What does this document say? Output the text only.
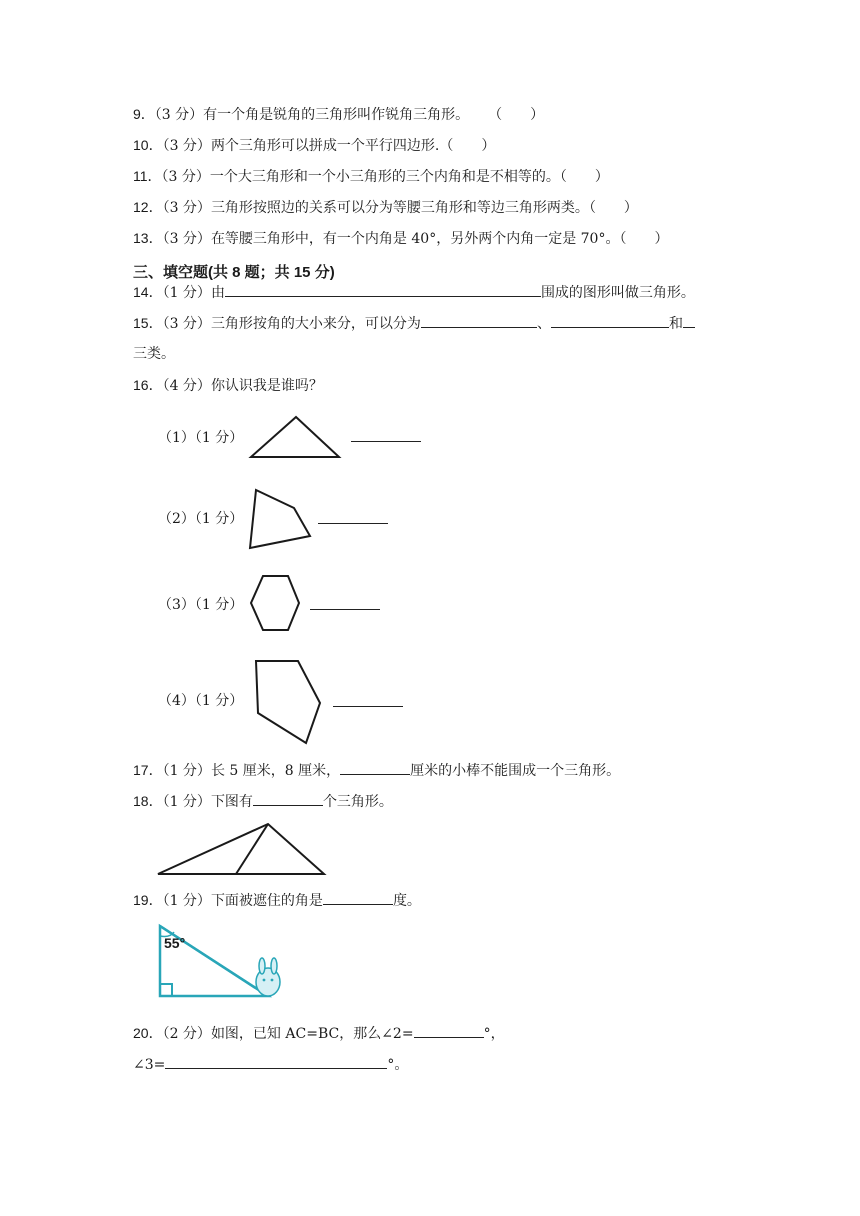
9．（3 分）有一个角是锐角的三角形叫作锐角三角形。 （　　）
10．（3 分）两个三角形可以拼成一个平行四边形.（　　）
11．（3 分）一个大三角形和一个小三角形的三个内角和是不相等的。（　　）
12．（3 分）三角形按照边的关系可以分为等腰三角形和等边三角形两类。（　　）
13．（3 分）在等腰三角形中，有一个内角是 40°，另外两个内角一定是 70°。（　　）
三、填空题(共 8 题；共 15 分)
14．（1 分）由	围成的图形叫做三角形。
15．（3 分）三角形按角的大小来分，可以分为	、	和
三类。
16．（4 分）你认识我是谁吗？
（1）（1 分）
（2）（1 分）
（3）（1 分）
（4）（1 分）
17．（1 分）长 5 厘米，8 厘米，	厘米的小棒不能围成一个三角形。
18．（1 分）下图有	个三角形。
19．（1 分）下面被遮住的角是	度。
55°
20．（2 分）如图，已知 AC=BC，那么∠2=	°，
∠3=	°。
